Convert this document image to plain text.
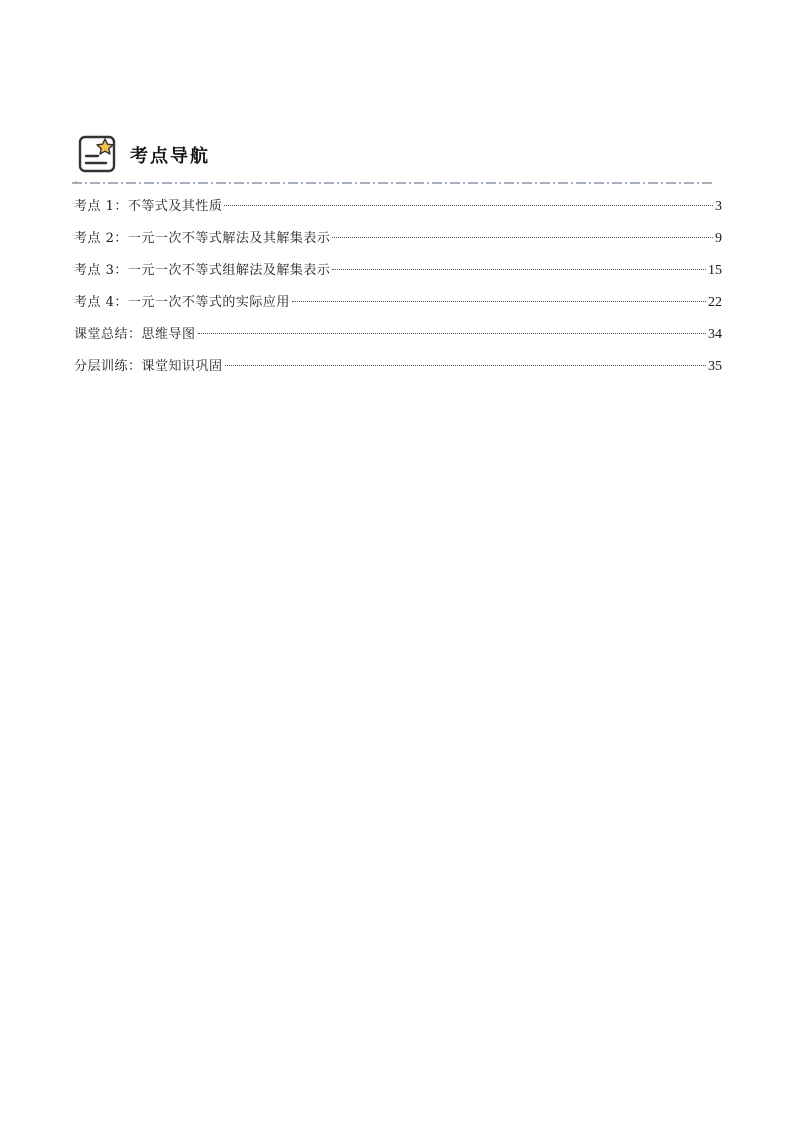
考点导航
考点 1：不等式及其性质	3
考点 2：一元一次不等式解法及其解集表示	9
考点 3：一元一次不等式组解法及解集表示	15
考点 4：一元一次不等式的实际应用	22
课堂总结：思维导图	34
分层训练：课堂知识巩固	35
